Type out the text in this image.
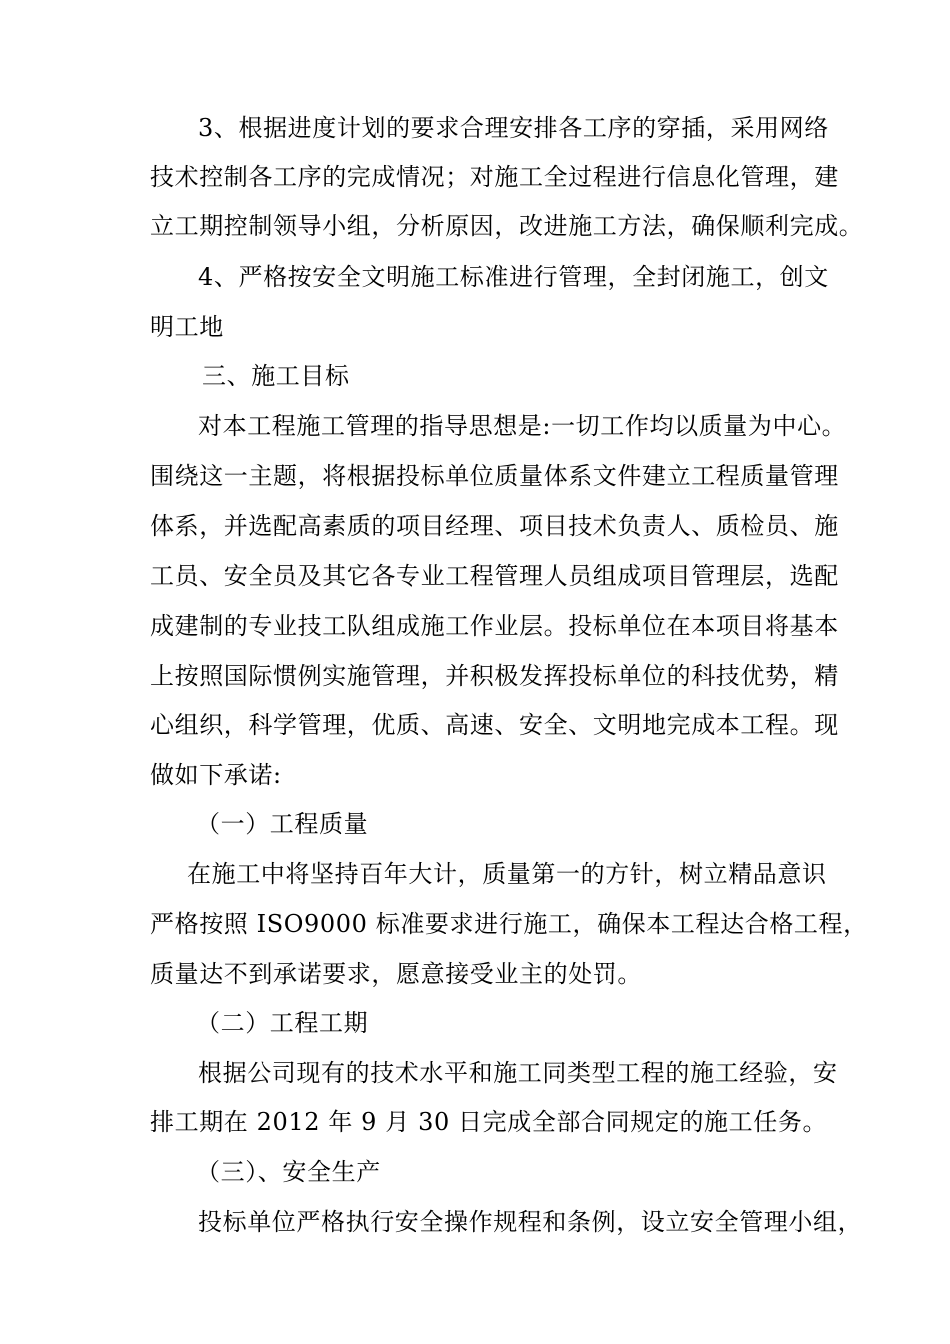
3、根据进度计划的要求合理安排各工序的穿插，采用网络
技术控制各工序的完成情况；对施工全过程进行信息化管理，建
立工期控制领导小组，分析原因，改进施工方法，确保顺利完成。
4、严格按安全文明施工标准进行管理，全封闭施工，创文
明工地
三、施工目标
对本工程施工管理的指导思想是:一切工作均以质量为中心。
围绕这一主题，将根据投标单位质量体系文件建立工程质量管理
体系，并选配高素质的项目经理、项目技术负责人、质检员、施
工员、安全员及其它各专业工程管理人员组成项目管理层，选配
成建制的专业技工队组成施工作业层。投标单位在本项目将基本
上按照国际惯例实施管理，并积极发挥投标单位的科技优势，精
心组织，科学管理，优质、高速、安全、文明地完成本工程。现
做如下承诺:
（一）工程质量
在施工中将坚持百年大计，质量第一的方针，树立精品意识
严格按照 ISO9000 标准要求进行施工，确保本工程达合格工程，
质量达不到承诺要求，愿意接受业主的处罚。
（二）工程工期
根据公司现有的技术水平和施工同类型工程的施工经验，安
排工期在 2012 年 9 月 30 日完成全部合同规定的施工任务。
（三）、安全生产
投标单位严格执行安全操作规程和条例，设立安全管理小组，
